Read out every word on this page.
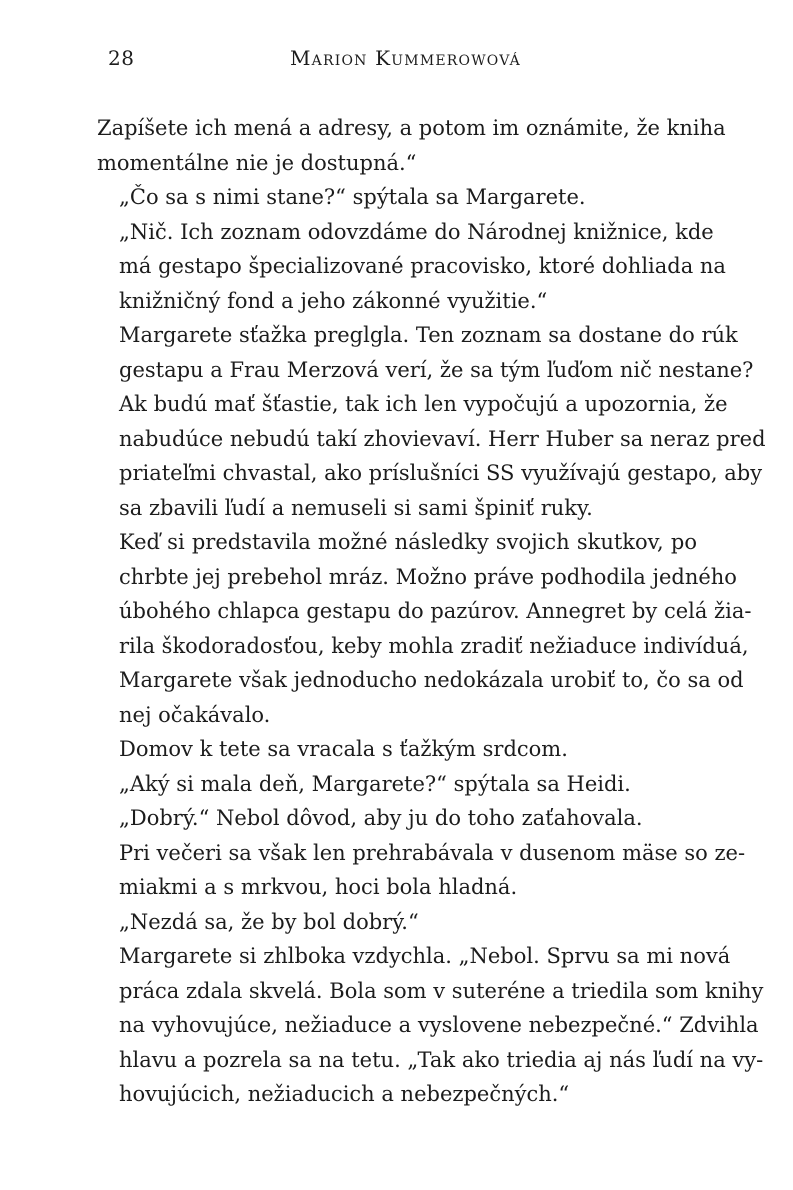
28	Marion Kummerowová
Zapíšete ich mená a adresy, a potom im oznámite, že kniha
momentálne nie je dostupná.“
„Čo sa s nimi stane?“ spýtala sa Margarete.
„Nič. Ich zoznam odovzdáme do Národnej knižnice, kde
má gestapo špecializované pracovisko, ktoré dohliada na
knižničný fond a jeho zákonné využitie.“
Margarete sťažka preglgla. Ten zoznam sa dostane do rúk
gestapu a Frau Merzová verí, že sa tým ľuďom nič nestane?
Ak budú mať šťastie, tak ich len vypočujú a upozornia, že
nabudúce nebudú takí zhovievaví. Herr Huber sa neraz pred
priateľmi chvastal, ako príslušníci SS využívajú gestapo, aby
sa zbavili ľudí a nemuseli si sami špiniť ruky.
Keď si predstavila možné následky svojich skutkov, po
chrbte jej prebehol mráz. Možno práve podhodila jedného
úbohého chlapca gestapu do pazúrov. Annegret by celá žia-
rila škodoradosťou, keby mohla zradiť nežiaduce indivíduá,
Margarete však jednoducho nedokázala urobiť to, čo sa od
nej očakávalo.
Domov k tete sa vracala s ťažkým srdcom.
„Aký si mala deň, Margarete?“ spýtala sa Heidi.
„Dobrý.“ Nebol dôvod, aby ju do toho zaťahovala.
Pri večeri sa však len prehrabávala v dusenom mäse so ze-
miakmi a s mrkvou, hoci bola hladná.
„Nezdá sa, že by bol dobrý.“
Margarete si zhlboka vzdychla. „Nebol. Sprvu sa mi nová
práca zdala skvelá. Bola som v suteréne a triedila som knihy
na vyhovujúce, nežiaduce a vyslovene nebezpečné.“ Zdvihla
hlavu a pozrela sa na tetu. „Tak ako triedia aj nás ľudí na vy-
hovujúcich, nežiaducich a nebezpečných.“
